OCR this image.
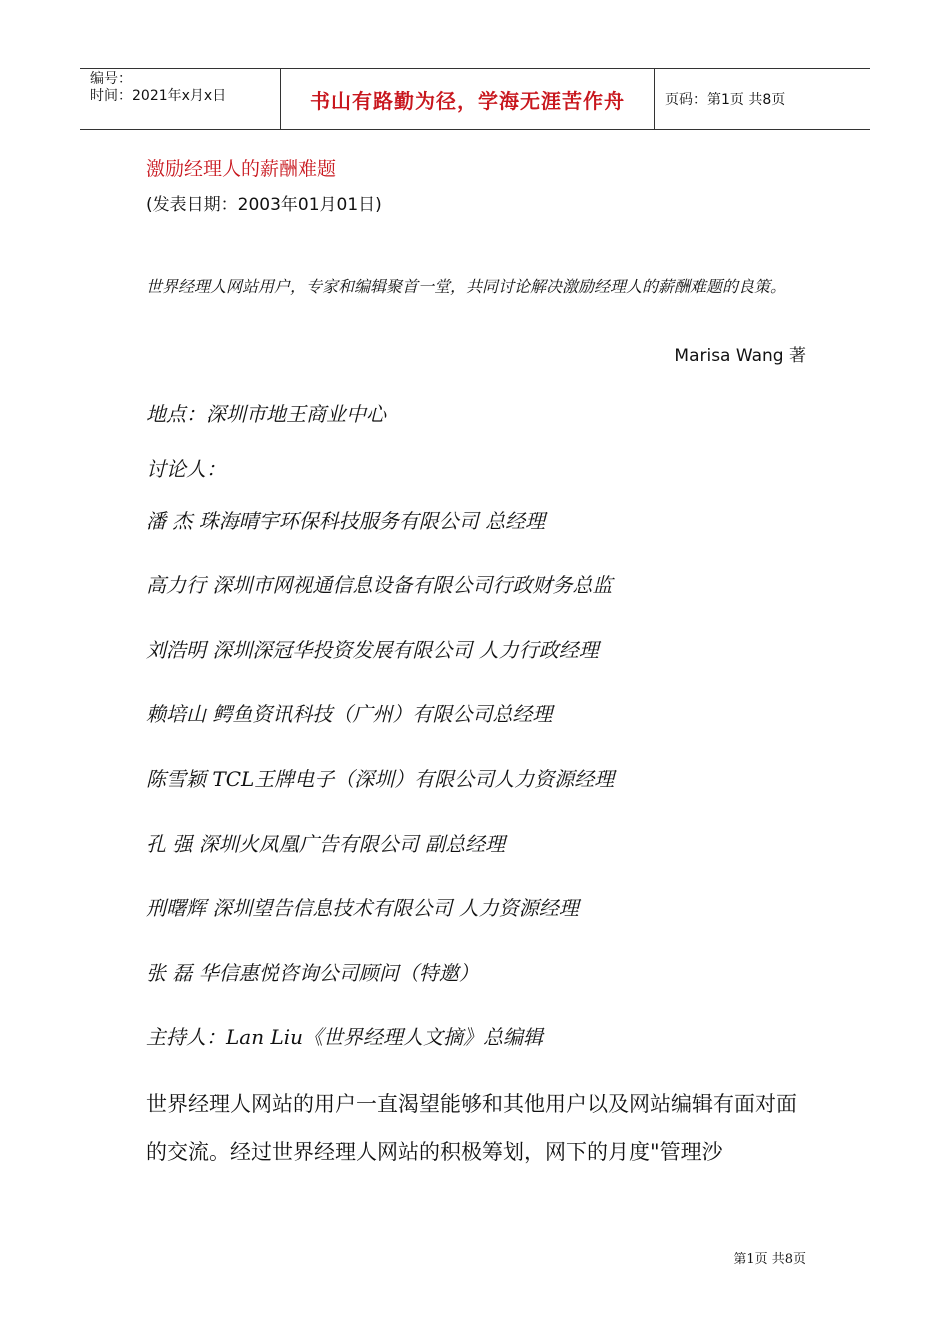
编号：
时间：2021年x月x日	书山有路勤为径，学海无涯苦作舟	页码：第1页 共8页
激励经理人的薪酬难题
(发表日期：2003年01月01日)
世界经理人网站用户，专家和编辑聚首一堂，共同讨论解决激励经理人的薪酬难题的良策。
Marisa Wang 著
地点：深圳市地王商业中心
讨论人：
潘 杰 珠海晴宇环保科技服务有限公司 总经理
高力行 深圳市网视通信息设备有限公司行政财务总监
刘浩明 深圳深冠华投资发展有限公司 人力行政经理
赖培山 鳄鱼资讯科技（广州）有限公司总经理
陈雪颖 TCL王牌电子（深圳）有限公司人力资源经理
孔 强 深圳火凤凰广告有限公司 副总经理
刑曙辉 深圳望告信息技术有限公司 人力资源经理
张 磊 华信惠悦咨询公司顾问（特邀）
主持人：Lan Liu《世界经理人文摘》总编辑
世界经理人网站的用户一直渴望能够和其他用户以及网站编辑有面对面的交流。经过世界经理人网站的积极筹划，网下的月度"管理沙
第1页 共8页
